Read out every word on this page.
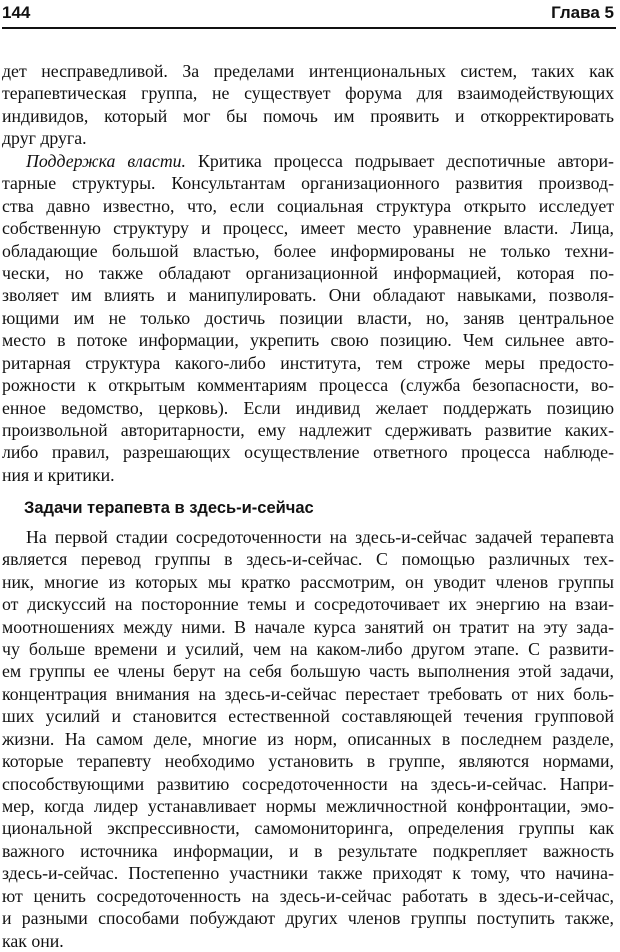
144	Глава 5
дет несправедливой. За пределами интенциональных систем, таких как
терапевтическая группа, не существует форума для взаимодействующих
индивидов, который мог бы помочь им проявить и откорректировать
друг друга.
Поддержка власти. Критика процесса подрывает деспотичные автори-
тарные структуры. Консультантам организационного развития производ-
ства давно известно, что, если социальная структура открыто исследует
собственную структуру и процесс, имеет место уравнение власти. Лица,
обладающие большой властью, более информированы не только техни-
чески, но также обладают организационной информацией, которая по-
зволяет им влиять и манипулировать. Они обладают навыками, позволя-
ющими им не только достичь позиции власти, но, заняв центральное
место в потоке информации, укрепить свою позицию. Чем сильнее авто-
ритарная структура какого-либо института, тем строже меры предосто-
рожности к открытым комментариям процесса (служба безопасности, во-
енное ведомство, церковь). Если индивид желает поддержать позицию
произвольной авторитарности, ему надлежит сдерживать развитие каких-
либо правил, разрешающих осуществление ответного процесса наблюде-
ния и критики.
Задачи терапевта в здесь-и-сейчас
На первой стадии сосредоточенности на здесь-и-сейчас задачей терапевта
является перевод группы в здесь-и-сейчас. С помощью различных тех-
ник, многие из которых мы кратко рассмотрим, он уводит членов группы
от дискуссий на посторонние темы и сосредоточивает их энергию на взаи-
моотношениях между ними. В начале курса занятий он тратит на эту зада-
чу больше времени и усилий, чем на каком-либо другом этапе. С развити-
ем группы ее члены берут на себя большую часть выполнения этой задачи,
концентрация внимания на здесь-и-сейчас перестает требовать от них боль-
ших усилий и становится естественной составляющей течения групповой
жизни. На самом деле, многие из норм, описанных в последнем разделе,
которые терапевту необходимо установить в группе, являются нормами,
способствующими развитию сосредоточенности на здесь-и-сейчас. Напри-
мер, когда лидер устанавливает нормы межличностной конфронтации, эмо-
циональной экспрессивности, самомониторинга, определения группы как
важного источника информации, и в результате подкрепляет важность
здесь-и-сейчас. Постепенно участники также приходят к тому, что начина-
ют ценить сосредоточенность на здесь-и-сейчас работать в здесь-и-сейчас,
и разными способами побуждают других членов группы поступить также,
как они.
